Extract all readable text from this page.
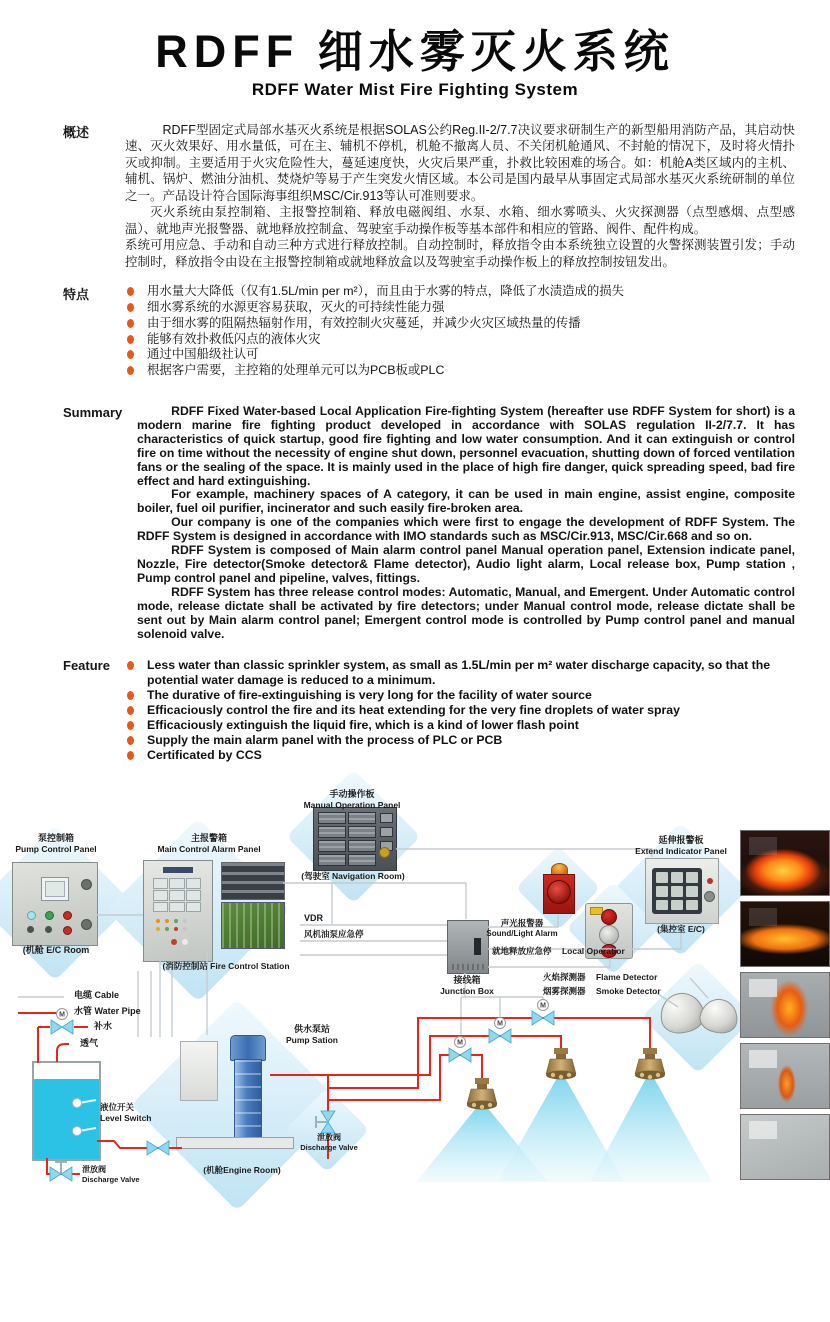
RDFF 细水雾灭火系统
RDFF Water Mist Fire Fighting System
概述	RDFF型固定式局部水基灭火系统是根据SOLAS公约Reg.II-2/7.7决议要求研制生产的新型船用消防产品，其启动快速、灭火效果好、用水量低，可在主、辅机不停机，机舱不撤离人员、不关闭机舱通风、不封舱的情况下，及时将火情扑灭或抑制。主要适用于火灾危险性大，蔓延速度快，火灾后果严重，扑救比较困难的场合。如：机舱A类区域内的主机、辅机、锅炉、燃油分油机、焚烧炉等易于产生突发火情区域。本公司是国内最早从事固定式局部水基灭火系统研制的单位之一。产品设计符合国际海事组织MSC/Cir.913等认可准则要求。

灭火系统由泵控制箱、主报警控制箱、释放电磁阀组、水泵、水箱、细水雾喷头、火灾探测器（点型感烟、点型感温）、就地声光报警器、就地释放控制盒、驾驶室手动操作板等基本部件和相应的管路、阀件、配件构成。

系统可用应急、手动和自动三种方式进行释放控制。自动控制时，释放指令由本系统独立设置的火警探测装置引发；手动控制时，释放指令由设在主报警控制箱或就地释放盒以及驾驶室手动操作板上的释放控制按钮发出。

特点	用水量大大降低（仅有1.5L/min per m²），而且由于水雾的特点，降低了水渍造成的损失
细水雾系统的水源更容易获取，灭火的可持续性能力强
由于细水雾的阻隔热辐射作用，有效控制火灾蔓延，并减少火灾区域热量的传播
能够有效扑救低闪点的液体火灾
通过中国船级社认可
根据客户需要，主控箱的处理单元可以为PCB板或PLC
Summary	RDFF Fixed Water-based Local Application Fire-fighting System (hereafter use RDFF System for short) is a modern marine fire fighting product developed in accordance with SOLAS regulation II-2/7.7. It has characteristics of quick startup, good fire fighting and low water consumption. And it can extinguish or control fire on time without the necessity of engine shut down, personnel evacuation, shutting down of forced ventilation fans or the sealing of the space. It is mainly used in the place of high fire danger, quick spreading speed, bad fire effect and hard extinguishing.

For example, machinery spaces of A category, it can be used in main engine, assist engine, composite boiler, fuel oil purifier, incinerator and such easily fire-broken area.

Our company is one of the companies which were first to engage the development of RDFF System. The RDFF System is designed in accordance with IMO standards such as MSC/Cir.913, MSC/Cir.668 and so on.

RDFF System is composed of Main alarm control panel Manual operation panel, Extension indicate panel, Nozzle, Fire detector(Smoke detector& Flame detector), Audio light alarm, Local release box, Pump station , Pump control panel and pipeline, valves, fittings.

RDFF System has three release control modes: Automatic, Manual, and Emergent. Under Automatic control mode, release dictate shall be activated by fire detectors; under Manual control mode, release dictate shall be sent out by Main alarm control panel; Emergent control mode is controlled by Pump control panel and manual solenoid valve.

Feature	Less water than classic sprinkler system, as small as 1.5L/min per m² water discharge capacity, so that the potential water damage is reduced to a minimum.
The durative of fire-extinguishing is very long for the facility of water source
Efficaciously control the fire and its heat extending for the very fine droplets of water spray
Efficaciously extinguish the liquid fire, which is a kind of lower flash point
Supply the main alarm panel with the process of PLC or PCB
Certificated by CCS
M
M
M
M
泵控制箱
Pump Control Panel
(机舱 E/C Room
主报警箱
Main Control Alarm Panel
(消防控制站 Fire Control Station
手动操作板
Manual Operation Panel
(驾驶室 Navigation Room)
VDR
风机油泵应急停
接线箱
Junction Box
声光报警器
Sound/Light Alarm
就地释放应急停 Local Operatior
延伸报警板
Extend Indicator Panel
(集控室 E/C)
火焰探测器 Flame Detector
烟雾探测器 Smoke Detector
电缆 Cable
水管 Water Pipe
补水
透气
液位开关
Level Switch
泄放阀
Discharge Valve
供水泵站
Pump Sation
(机舱Engine Room)
泄放阀
Discharge Valve
